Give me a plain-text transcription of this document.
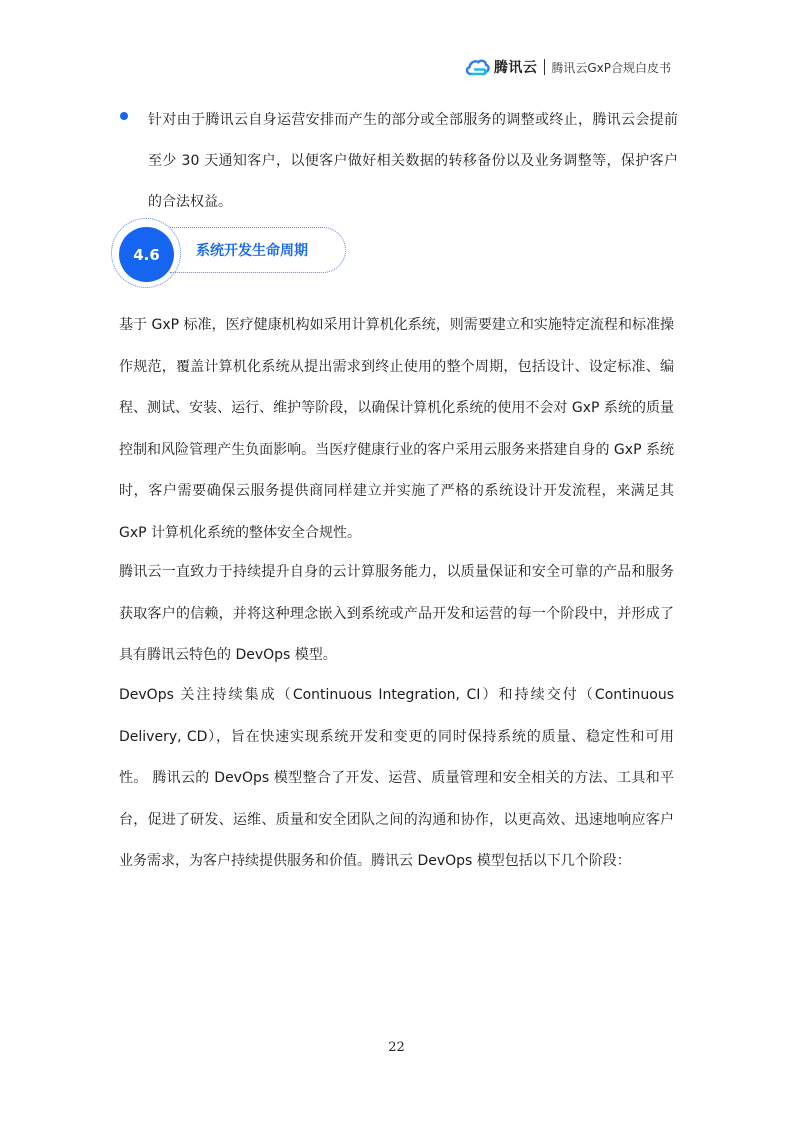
腾讯云 腾讯云GxP合规白皮书

针对由于腾讯云自身运营安排而产生的部分或全部服务的调整或终止，腾讯云会提前至少 30 天通知客户，以便客户做好相关数据的转移备份以及业务调整等，保护客户的合法权益。

4.6	系统开发生命周期

基于 GxP 标准，医疗健康机构如采用计算机化系统，则需要建立和实施特定流程和标准操作规范，覆盖计算机化系统从提出需求到终止使用的整个周期，包括设计、设定标准、编程、测试、安装、运行、维护等阶段，以确保计算机化系统的使用不会对 GxP 系统的质量控制和风险管理产生负面影响。当医疗健康行业的客户采用云服务来搭建自身的 GxP 系统时，客户需要确保云服务提供商同样建立并实施了严格的系统设计开发流程，来满足其 GxP 计算机化系统的整体安全合规性。

腾讯云一直致力于持续提升自身的云计算服务能力，以质量保证和安全可靠的产品和服务获取客户的信赖，并将这种理念嵌入到系统或产品开发和运营的每一个阶段中，并形成了具有腾讯云特色的 DevOps 模型。

DevOps 关注持续集成（Continuous Integration, CI）和持续交付（Continuous Delivery, CD），旨在快速实现系统开发和变更的同时保持系统的质量、稳定性和可用性。 腾讯云的 DevOps 模型整合了开发、运营、质量管理和安全相关的方法、工具和平台，促进了研发、运维、质量和安全团队之间的沟通和协作，以更高效、迅速地响应客户业务需求，为客户持续提供服务和价值。腾讯云 DevOps 模型包括以下几个阶段：

22
